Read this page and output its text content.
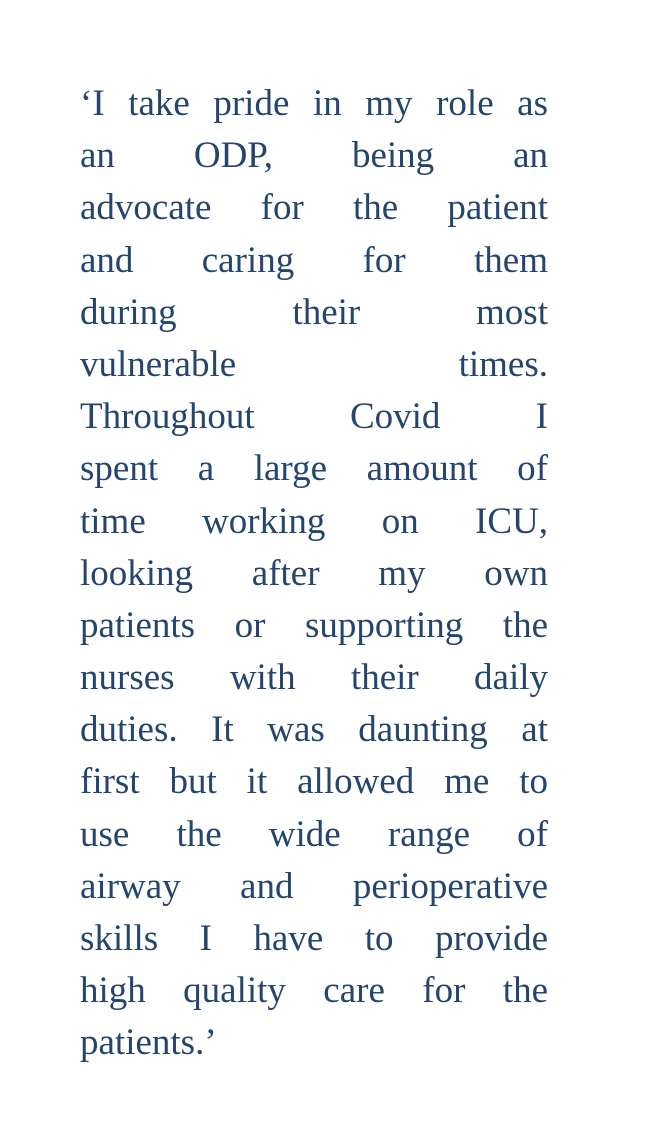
‘I take pride in my role as
an ODP, being an
advocate for the patient
and caring for them
during their most
vulnerable times.
Throughout Covid I
spent a large amount of
time working on ICU,
looking after my own
patients or supporting the
nurses with their daily
duties. It was daunting at
first but it allowed me to
use the wide range of
airway and perioperative
skills I have to provide
high quality care for the
patients.’
